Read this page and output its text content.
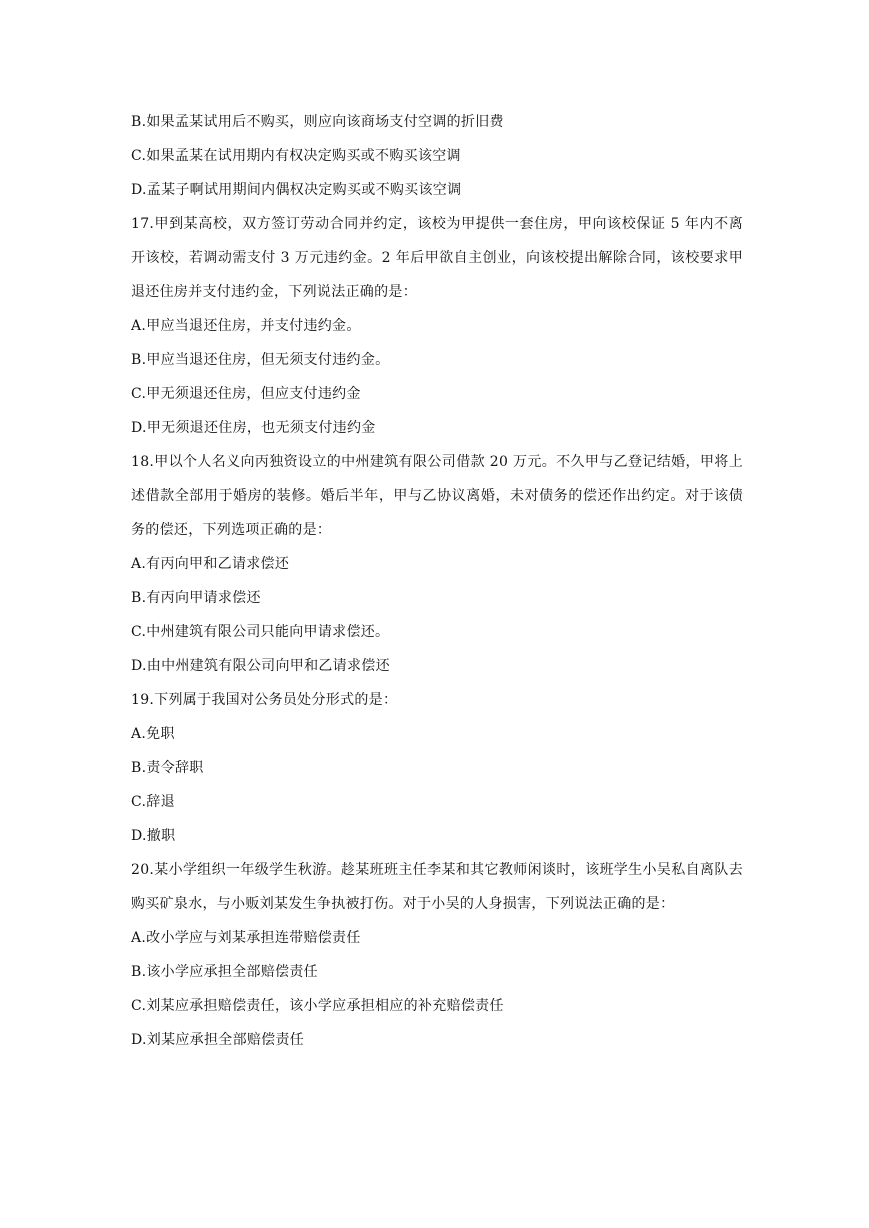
B.如果孟某试用后不购买，则应向该商场支付空调的折旧费
C.如果孟某在试用期内有权决定购买或不购买该空调
D.孟某子啊试用期间内偶权决定购买或不购买该空调
17.甲到某高校，双方签订劳动合同并约定，该校为甲提供一套住房，甲向该校保证 5 年内不离开该校，若调动需支付 3 万元违约金。2 年后甲欲自主创业，向该校提出解除合同，该校要求甲退还住房并支付违约金，下列说法正确的是：
A.甲应当退还住房，并支付违约金。
B.甲应当退还住房，但无须支付违约金。
C.甲无须退还住房，但应支付违约金
D.甲无须退还住房，也无须支付违约金
18.甲以个人名义向丙独资设立的中州建筑有限公司借款 20 万元。不久甲与乙登记结婚，甲将上述借款全部用于婚房的装修。婚后半年，甲与乙协议离婚，未对债务的偿还作出约定。对于该债务的偿还，下列选项正确的是：
A.有丙向甲和乙请求偿还
B.有丙向甲请求偿还
C.中州建筑有限公司只能向甲请求偿还。
D.由中州建筑有限公司向甲和乙请求偿还
19.下列属于我国对公务员处分形式的是：
A.免职
B.责令辞职
C.辞退
D.撤职
20.某小学组织一年级学生秋游。趁某班班主任李某和其它教师闲谈时，该班学生小吴私自离队去购买矿泉水，与小贩刘某发生争执被打伤。对于小吴的人身损害，下列说法正确的是：
A.改小学应与刘某承担连带赔偿责任
B.该小学应承担全部赔偿责任
C.刘某应承担赔偿责任，该小学应承担相应的补充赔偿责任
D.刘某应承担全部赔偿责任
